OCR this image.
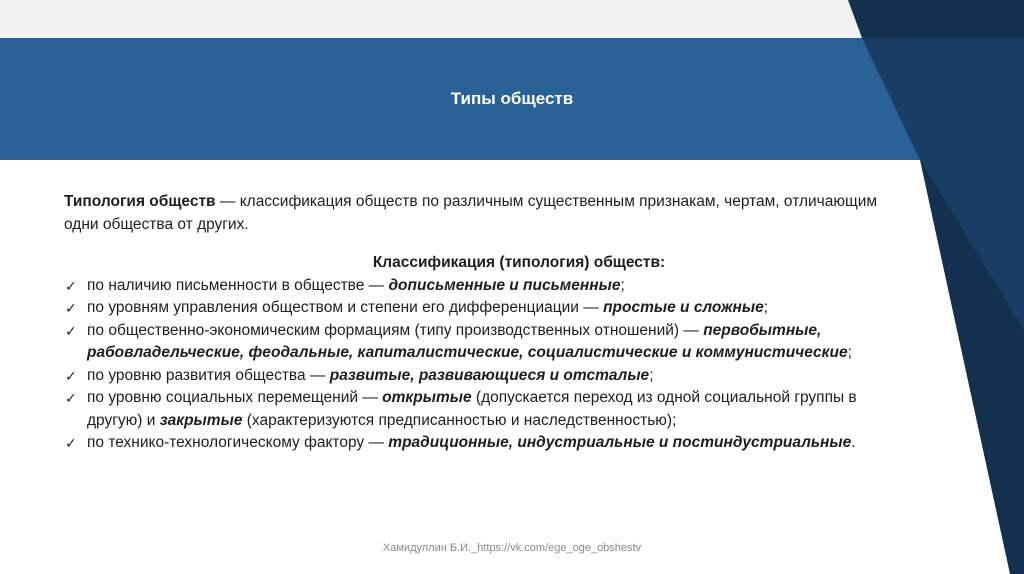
Типы обществ

Типология обществ — классификация обществ по различным существенным признакам, чертам, отличающим одни общества от других.

Классификация (типология) обществ:

✓ по наличию письменности в обществе — дописьменные и письменные;
✓ по уровням управления обществом и степени его дифференциации — простые и сложные;
✓ по общественно-экономическим формациям (типу производственных отношений) — первобытные, рабовладельческие, феодальные, капиталистические, социалистические и коммунистические;
✓ по уровню развития общества — развитые, развивающиеся и отсталые;
✓ по уровню социальных перемещений — открытые (допускается переход из одной социальной группы в другую) и закрытые (характеризуются предписанностью и наследственностью);
✓ по технико-технологическому фактору — традиционные, индустриальные и постиндустриальные.
Хамидуллин Б.И._https://vk.com/ege_oge_obshestv
